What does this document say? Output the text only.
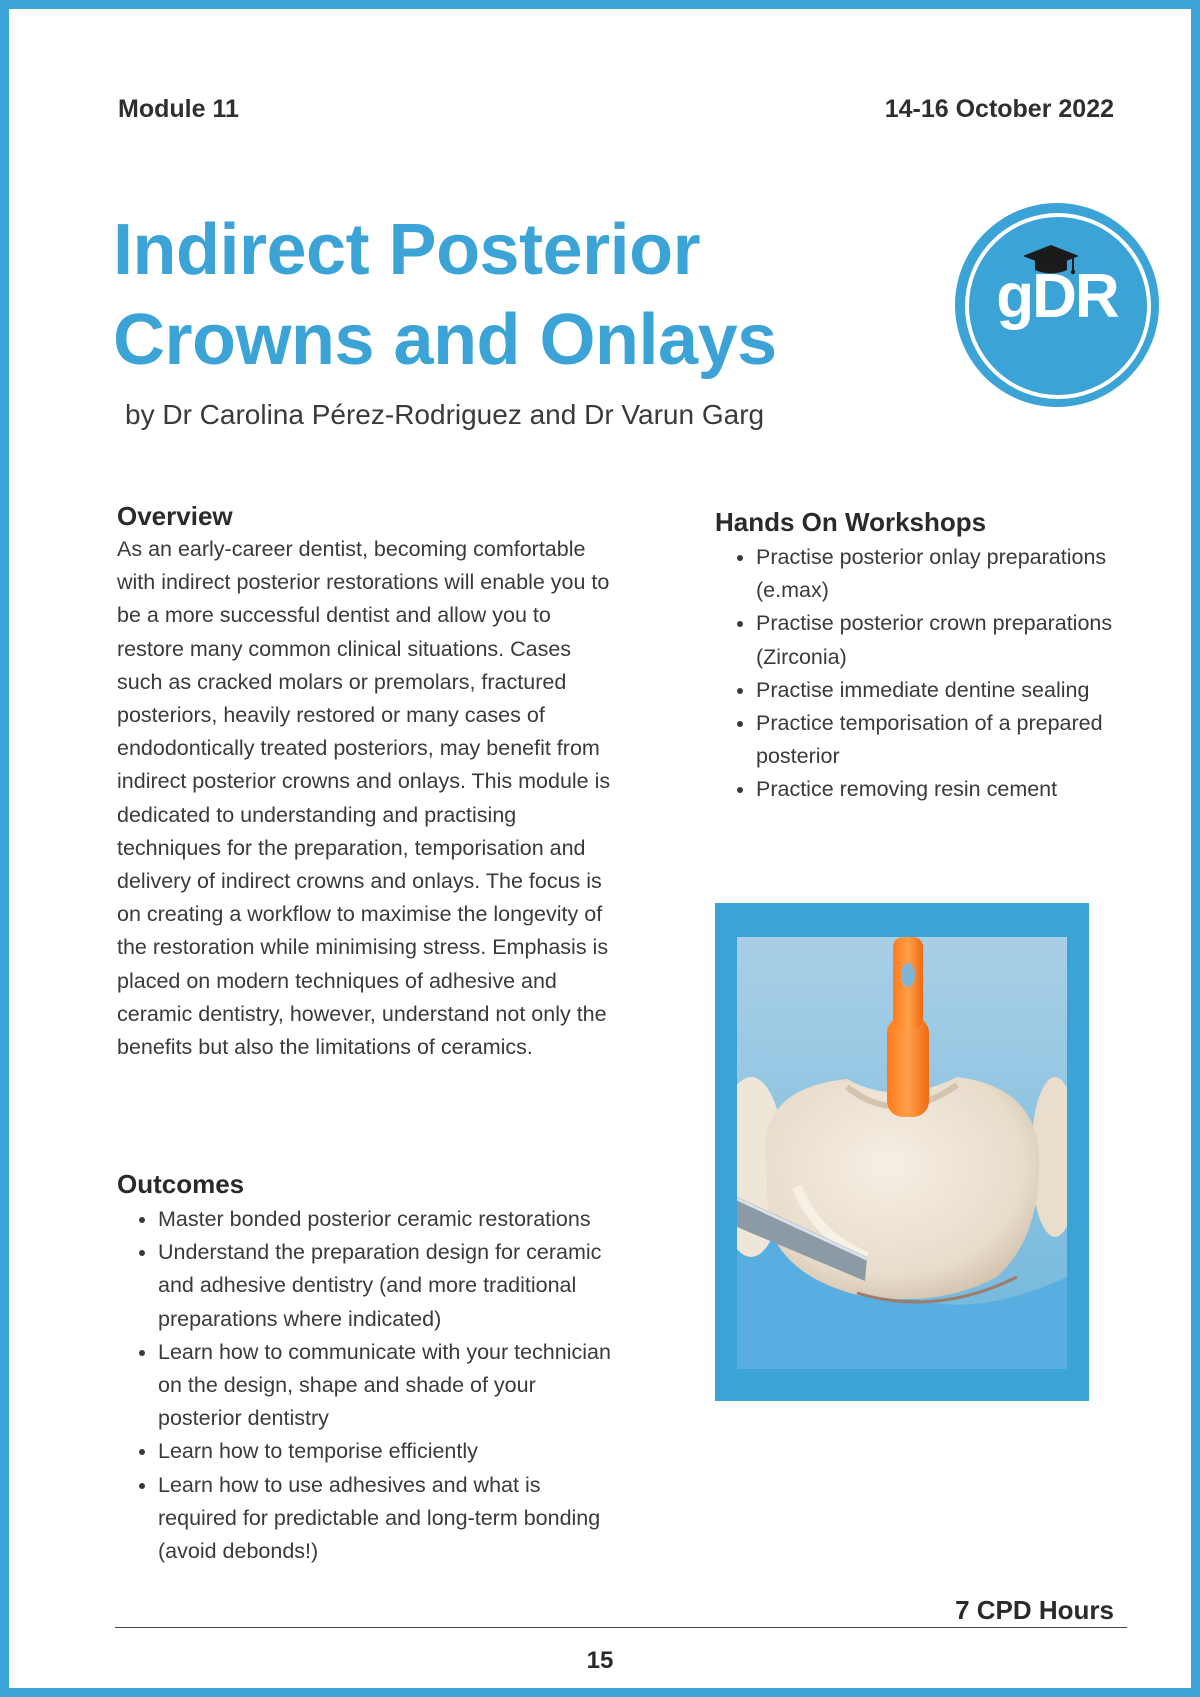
Module 11	14-16 October 2022
Indirect Posterior
Crowns and Onlays
by Dr Carolina Pérez-Rodriguez and Dr Varun Garg
gDR
Overview

As an early-career dentist, becoming comfortable with indirect posterior restorations will enable you to be a more successful dentist and allow you to restore many common clinical situations. Cases such as cracked molars or premolars, fractured posteriors, heavily restored or many cases of endodontically treated posteriors, may benefit from indirect posterior crowns and onlays. This module is dedicated to understanding and practising techniques for the preparation, temporisation and delivery of indirect crowns and onlays. The focus is on creating a workflow to maximise the longevity of the restoration while minimising stress. Emphasis is placed on modern techniques of adhesive and ceramic dentistry, however, understand not only the benefits but also the limitations of ceramics.

Outcomes
• Master bonded posterior ceramic restorations
• Understand the preparation design for ceramic and adhesive dentistry (and more traditional preparations where indicated)
• Learn how to communicate with your technician on the design, shape and shade of your posterior dentistry
• Learn how to temporise efficiently
• Learn how to use adhesives and what is required for predictable and long-term bonding (avoid debonds!)
Hands On Workshops
• Practise posterior onlay preparations (e.max)
• Practise posterior crown preparations (Zirconia)
• Practise immediate dentine sealing
• Practice temporisation of a prepared posterior
• Practice removing resin cement
7 CPD Hours
15
